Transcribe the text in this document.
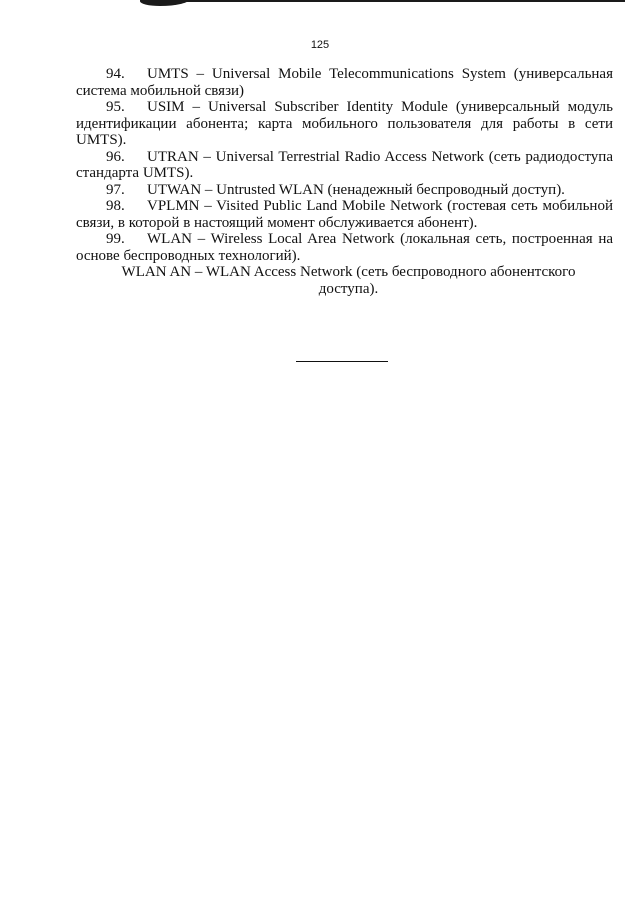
125

94. UMTS – Universal Mobile Telecommunications System (универсальная система мобильной связи)

95. USIM – Universal Subscriber Identity Module (универсальный модуль идентификации абонента; карта мобильного пользователя для работы в сети UMTS).

96. UTRAN – Universal Terrestrial Radio Access Network (сеть радиодоступа стандарта UMTS).

97. UTWAN – Untrusted WLAN (ненадежный беспроводный доступ).

98. VPLMN – Visited Public Land Mobile Network (гостевая сеть мобильной связи, в которой в настоящий момент обслуживается абонент).

99. WLAN – Wireless Local Area Network (локальная сеть, построенная на основе беспроводных технологий).

WLAN AN – WLAN Access Network (сеть беспроводного абонентского доступа).
